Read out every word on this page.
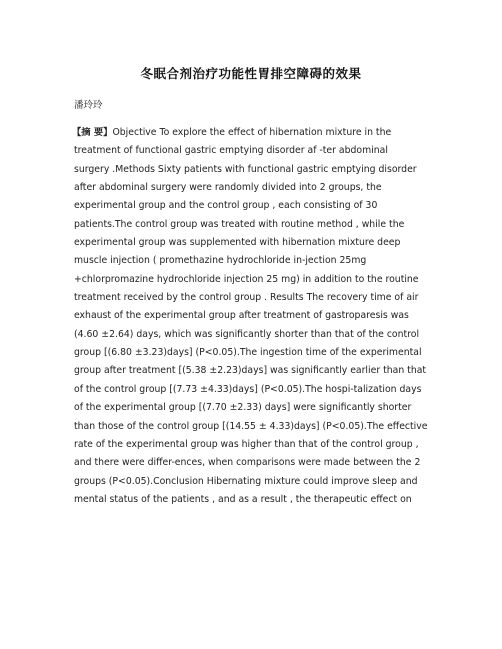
冬眠合剂治疗功能性胃排空障碍的效果
潘玲玲
【摘 要】Objective To explore the effect of hibernation mixture in the
treatment of functional gastric emptying disorder af -ter abdominal
surgery .Methods Sixty patients with functional gastric emptying disorder
after abdominal surgery were randomly divided into 2 groups, the
experimental group and the control group , each consisting of 30
patients.The control group was treated with routine method , while the
experimental group was supplemented with hibernation mixture deep
muscle injection ( promethazine hydrochloride in-jection 25mg
+chlorpromazine hydrochloride injection 25 mg) in addition to the routine
treatment received by the control group . Results The recovery time of air
exhaust of the experimental group after treatment of gastroparesis was
(4.60 ±2.64) days, which was significantly shorter than that of the control
group [(6.80 ±3.23)days] (P<0.05).The ingestion time of the experimental
group after treatment [(5.38 ±2.23)days] was significantly earlier than that
of the control group [(7.73 ±4.33)days] (P<0.05).The hospi-talization days
of the experimental group [(7.70 ±2.33) days] were significantly shorter
than those of the control group [(14.55 ± 4.33)days] (P<0.05).The effective
rate of the experimental group was higher than that of the control group ,
and there were differ-ences, when comparisons were made between the 2
groups (P<0.05).Conclusion Hibernating mixture could improve sleep and
mental status of the patients , and as a result , the therapeutic effect on
